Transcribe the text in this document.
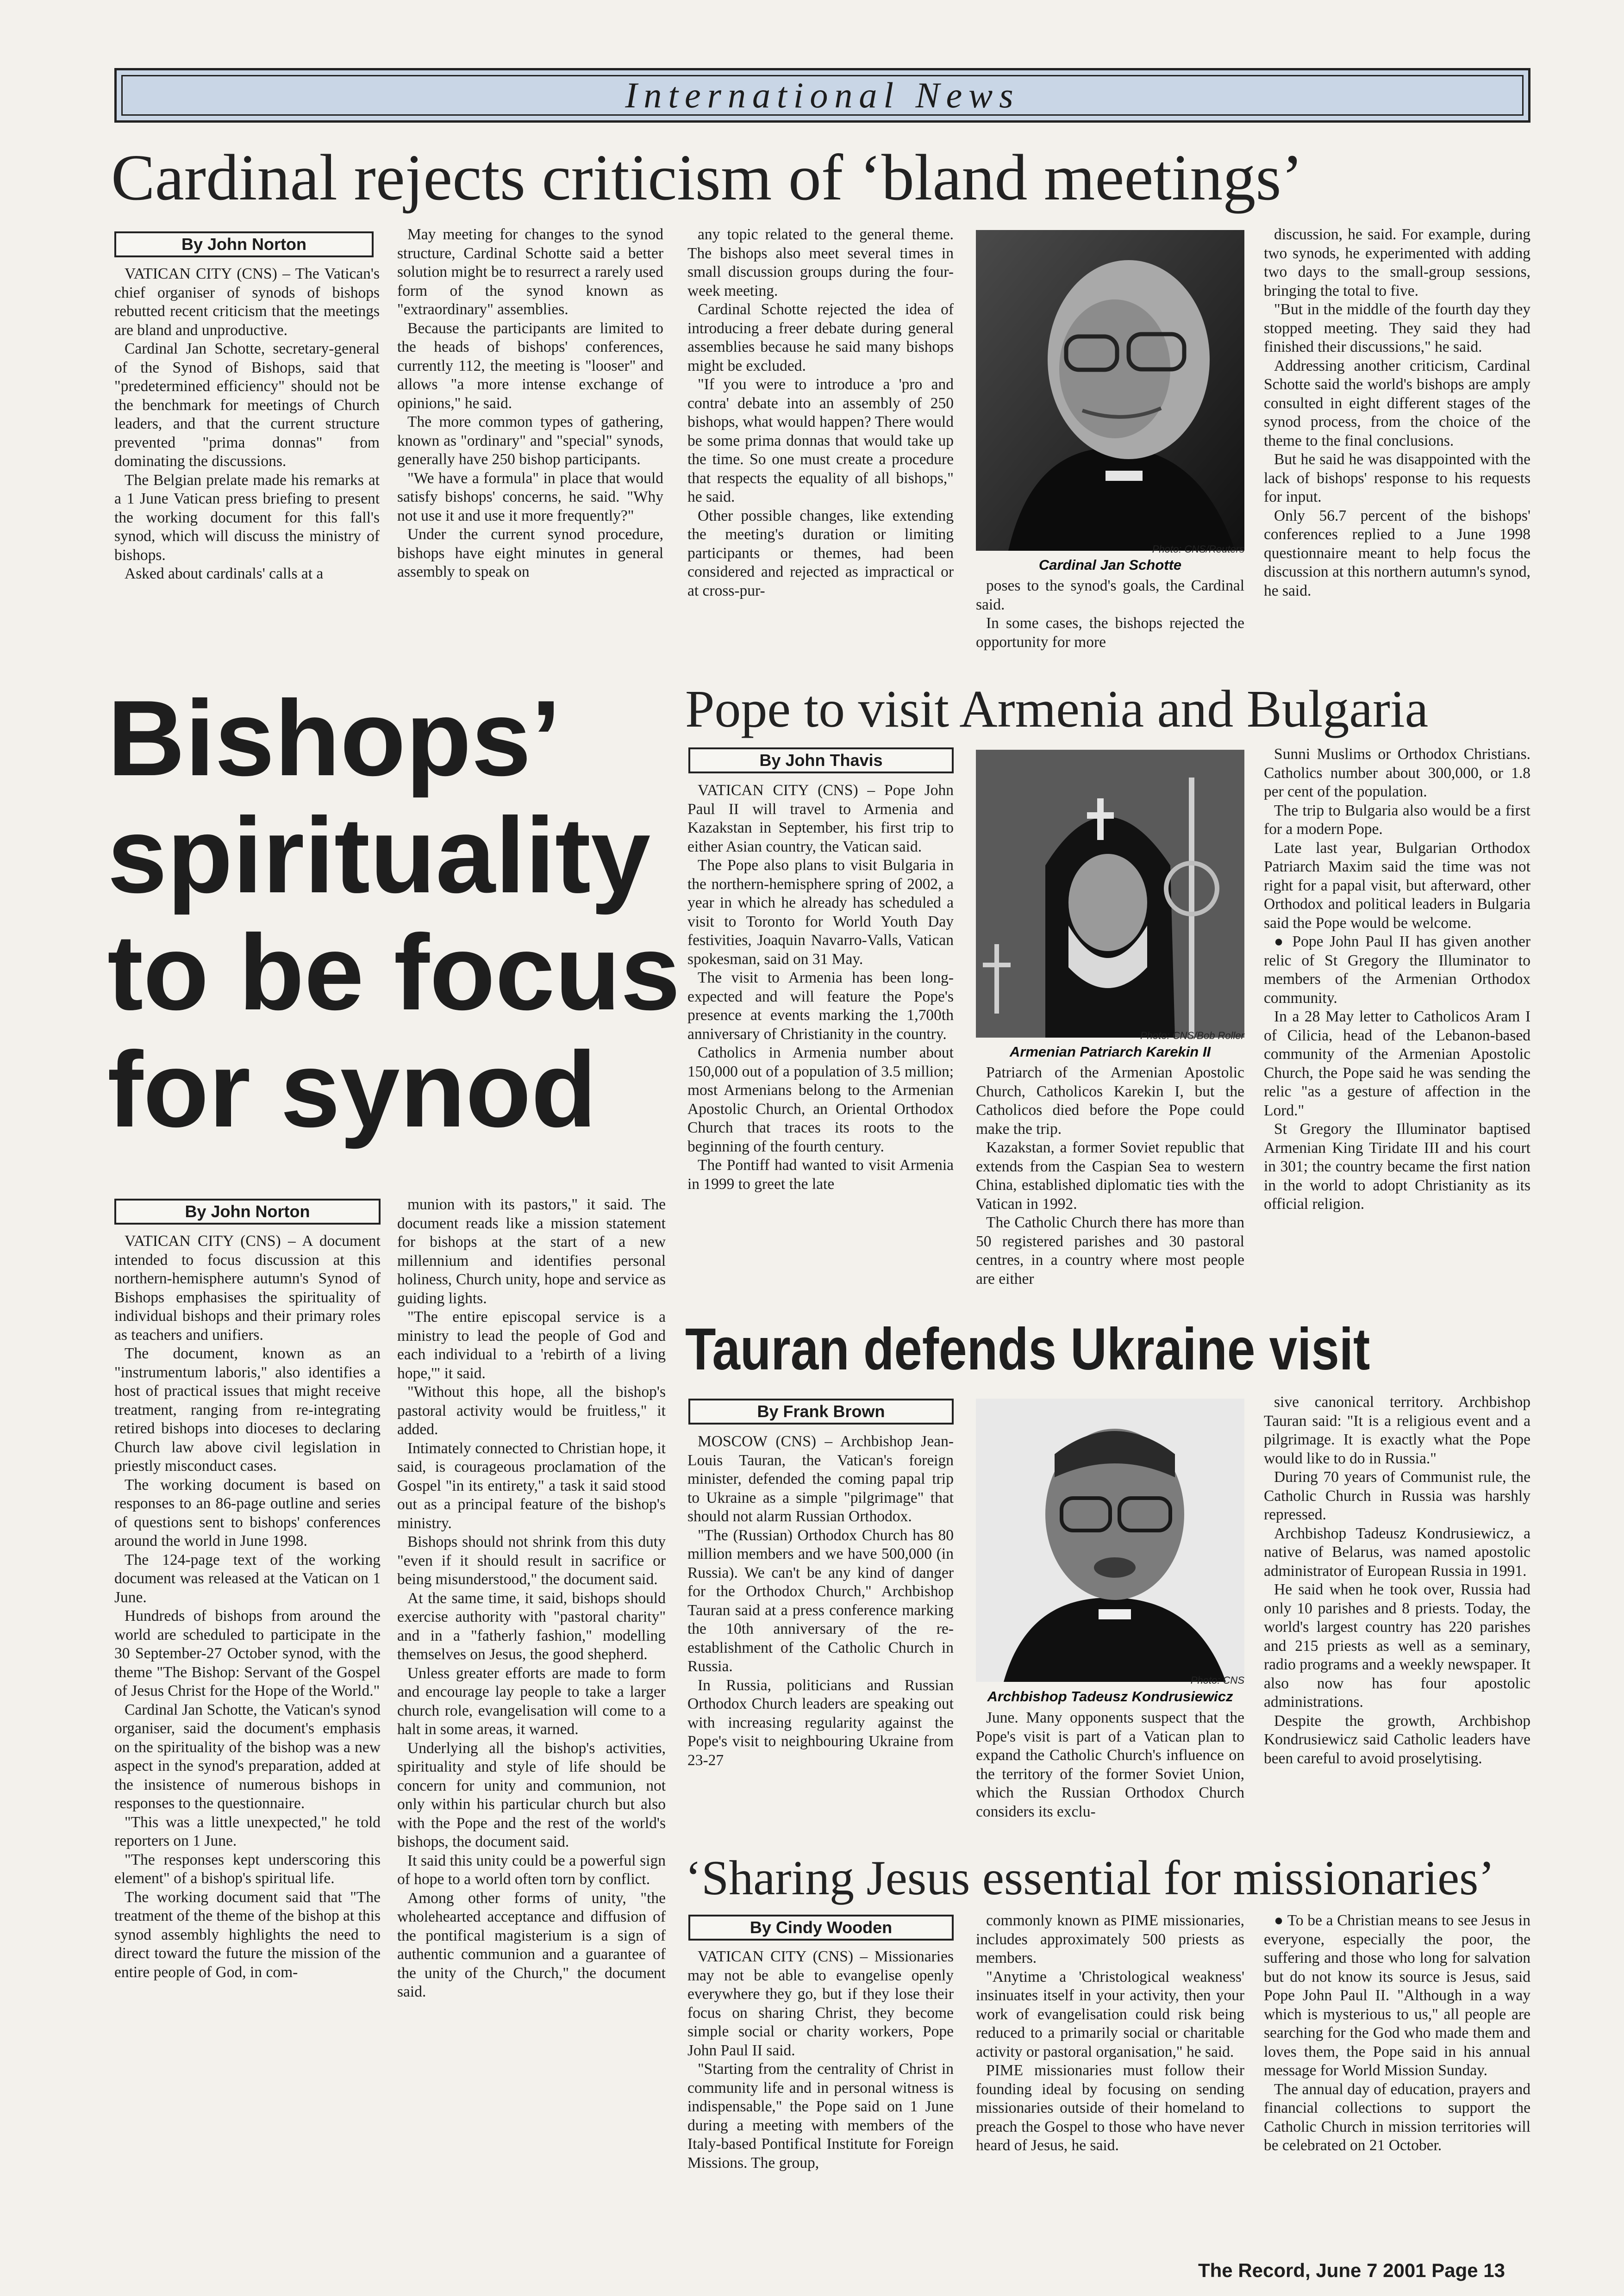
International News
Cardinal rejects criticism of ‘bland meetings’
By John Norton

VATICAN CITY (CNS) – The Vatican's chief organiser of synods of bishops rebutted recent criticism that the meetings are bland and unproductive.

Cardinal Jan Schotte, secretary-general of the Synod of Bishops, said that "predetermined efficiency" should not be the benchmark for meetings of Church leaders, and that the current structure prevented "prima donnas" from dominating the discussions.

The Belgian prelate made his remarks at a 1 June Vatican press briefing to present the working document for this fall's synod, which will discuss the ministry of bishops.

Asked about cardinals' calls at a

May meeting for changes to the synod structure, Cardinal Schotte said a better solution might be to resurrect a rarely used form of the synod known as "extraordinary" assemblies.

Because the participants are limited to the heads of bishops' conferences, currently 112, the meeting is "looser" and allows "a more intense exchange of opinions," he said.

The more common types of gathering, known as "ordinary" and "special" synods, generally have 250 bishop participants.

"We have a formula" in place that would satisfy bishops' concerns, he said. "Why not use it and use it more frequently?"

Under the current synod procedure, bishops have eight minutes in general assembly to speak on

any topic related to the general theme. The bishops also meet several times in small discussion groups during the four-week meeting.

Cardinal Schotte rejected the idea of introducing a freer debate during general assemblies because he said many bishops might be excluded.

"If you were to introduce a 'pro and contra' debate into an assembly of 250 bishops, what would happen? There would be some prima donnas that would take up the time. So one must create a procedure that respects the equality of all bishops," he said.

Other possible changes, like extending the meeting's duration or limiting participants or themes, had been considered and rejected as impractical or at cross-pur-

Photo: CNS/Reuters
Cardinal Jan Schotte

poses to the synod's goals, the Cardinal said.

In some cases, the bishops rejected the opportunity for more

discussion, he said. For example, during two synods, he experimented with adding two days to the small-group sessions, bringing the total to five.

"But in the middle of the fourth day they stopped meeting. They said they had finished their discussions," he said.

Addressing another criticism, Cardinal Schotte said the world's bishops are amply consulted in eight different stages of the synod process, from the choice of the theme to the final conclusions.

But he said he was disappointed with the lack of bishops' response to his requests for input.

Only 56.7 percent of the bishops' conferences replied to a June 1998 questionnaire meant to help focus the discussion at this northern autumn's synod, he said.

Bishops’
spirituality
to be focus
for synod
By John Norton

VATICAN CITY (CNS) – A document intended to focus discussion at this northern-hemisphere autumn's Synod of Bishops emphasises the spirituality of individual bishops and their primary roles as teachers and unifiers.

The document, known as an "instrumentum laboris," also identifies a host of practical issues that might receive treatment, ranging from re-integrating retired bishops into dioceses to declaring Church law above civil legislation in priestly misconduct cases.

The working document is based on responses to an 86-page outline and series of questions sent to bishops' conferences around the world in June 1998.

The 124-page text of the working document was released at the Vatican on 1 June.

Hundreds of bishops from around the world are scheduled to participate in the 30 September-27 October synod, with the theme "The Bishop: Servant of the Gospel of Jesus Christ for the Hope of the World."

Cardinal Jan Schotte, the Vatican's synod organiser, said the document's emphasis on the spirituality of the bishop was a new aspect in the synod's preparation, added at the insistence of numerous bishops in responses to the questionnaire.

"This was a little unexpected," he told reporters on 1 June.

"The responses kept underscoring this element" of a bishop's spiritual life.

The working document said that "The treatment of the theme of the bishop at this synod assembly highlights the need to direct toward the future the mission of the entire people of God, in com-

munion with its pastors," it said. The document reads like a mission statement for bishops at the start of a new millennium and identifies personal holiness, Church unity, hope and service as guiding lights.

"The entire episcopal service is a ministry to lead the people of God and each individual to a 'rebirth of a living hope,'" it said.

"Without this hope, all the bishop's pastoral activity would be fruitless," it added.

Intimately connected to Christian hope, it said, is courageous proclamation of the Gospel "in its entirety," a task it said stood out as a principal feature of the bishop's ministry.

Bishops should not shrink from this duty "even if it should result in sacrifice or being misunderstood," the document said.

At the same time, it said, bishops should exercise authority with "pastoral charity" and in a "fatherly fashion," modelling themselves on Jesus, the good shepherd.

Unless greater efforts are made to form and encourage lay people to take a larger church role, evangelisation will come to a halt in some areas, it warned.

Underlying all the bishop's activities, spirituality and style of life should be concern for unity and communion, not only within his particular church but also with the Pope and the rest of the world's bishops, the document said.

It said this unity could be a powerful sign of hope to a world often torn by conflict.

Among other forms of unity, "the wholehearted acceptance and diffusion of the pontifical magisterium is a sign of authentic communion and a guarantee of the unity of the Church," the document said.

Pope to visit Armenia and Bulgaria
By John Thavis

VATICAN CITY (CNS) – Pope John Paul II will travel to Armenia and Kazakstan in September, his first trip to either Asian country, the Vatican said.

The Pope also plans to visit Bulgaria in the northern-hemisphere spring of 2002, a year in which he already has scheduled a visit to Toronto for World Youth Day festivities, Joaquin Navarro-Valls, Vatican spokesman, said on 31 May.

The visit to Armenia has been long-expected and will feature the Pope's presence at events marking the 1,700th anniversary of Christianity in the country.

Catholics in Armenia number about 150,000 out of a population of 3.5 million; most Armenians belong to the Armenian Apostolic Church, an Oriental Orthodox Church that traces its roots to the beginning of the fourth century.

The Pontiff had wanted to visit Armenia in 1999 to greet the late

Photo: CNS/Bob Roller
Armenian Patriarch Karekin II

Patriarch of the Armenian Apostolic Church, Catholicos Karekin I, but the Catholicos died before the Pope could make the trip.

Kazakstan, a former Soviet republic that extends from the Caspian Sea to western China, established diplomatic ties with the Vatican in 1992.

The Catholic Church there has more than 50 registered parishes and 30 pastoral centres, in a country where most people are either

Sunni Muslims or Orthodox Christians. Catholics number about 300,000, or 1.8 per cent of the population.

The trip to Bulgaria also would be a first for a modern Pope.

Late last year, Bulgarian Orthodox Patriarch Maxim said the time was not right for a papal visit, but afterward, other Orthodox and political leaders in Bulgaria said the Pope would be welcome.

● Pope John Paul II has given another relic of St Gregory the Illuminator to members of the Armenian Orthodox community.

In a 28 May letter to Catholicos Aram I of Cilicia, head of the Lebanon-based community of the Armenian Apostolic Church, the Pope said he was sending the relic "as a gesture of affection in the Lord."

St Gregory the Illuminator baptised Armenian King Tiridate III and his court in 301; the country became the first nation in the world to adopt Christianity as its official religion.

Tauran defends Ukraine visit
By Frank Brown

MOSCOW (CNS) – Archbishop Jean-Louis Tauran, the Vatican's foreign minister, defended the coming papal trip to Ukraine as a simple "pilgrimage" that should not alarm Russian Orthodox.

"The (Russian) Orthodox Church has 80 million members and we have 500,000 (in Russia). We can't be any kind of danger for the Orthodox Church," Archbishop Tauran said at a press conference marking the 10th anniversary of the re-establishment of the Catholic Church in Russia.

In Russia, politicians and Russian Orthodox Church leaders are speaking out with increasing regularity against the Pope's visit to neighbouring Ukraine from 23-27

Photo: CNS
Archbishop Tadeusz Kondrusiewicz

June. Many opponents suspect that the Pope's visit is part of a Vatican plan to expand the Catholic Church's influence on the territory of the former Soviet Union, which the Russian Orthodox Church considers its exclu-

sive canonical territory. Archbishop Tauran said: "It is a religious event and a pilgrimage. It is exactly what the Pope would like to do in Russia."

During 70 years of Communist rule, the Catholic Church in Russia was harshly repressed.

Archbishop Tadeusz Kondrusiewicz, a native of Belarus, was named apostolic administrator of European Russia in 1991.

He said when he took over, Russia had only 10 parishes and 8 priests. Today, the world's largest country has 220 parishes and 215 priests as well as a seminary, radio programs and a weekly newspaper. It also now has four apostolic administrations.

Despite the growth, Archbishop Kondrusiewicz said Catholic leaders have been careful to avoid proselytising.

‘Sharing Jesus essential for missionaries’
By Cindy Wooden

VATICAN CITY (CNS) – Missionaries may not be able to evangelise openly everywhere they go, but if they lose their focus on sharing Christ, they become simple social or charity workers, Pope John Paul II said.

"Starting from the centrality of Christ in community life and in personal witness is indispensable," the Pope said on 1 June during a meeting with members of the Italy-based Pontifical Institute for Foreign Missions. The group,

commonly known as PIME missionaries, includes approximately 500 priests as members.

"Anytime a 'Christological weakness' insinuates itself in your activity, then your work of evangelisation could risk being reduced to a primarily social or charitable activity or pastoral organisation," he said.

PIME missionaries must follow their founding ideal by focusing on sending missionaries outside of their homeland to preach the Gospel to those who have never heard of Jesus, he said.

● To be a Christian means to see Jesus in everyone, especially the poor, the suffering and those who long for salvation but do not know its source is Jesus, said Pope John Paul II. "Although in a way which is mysterious to us," all people are searching for the God who made them and loves them, the Pope said in his annual message for World Mission Sunday.

The annual day of education, prayers and financial collections to support the Catholic Church in mission territories will be celebrated on 21 October.

The Record, June 7 2001 Page 13
